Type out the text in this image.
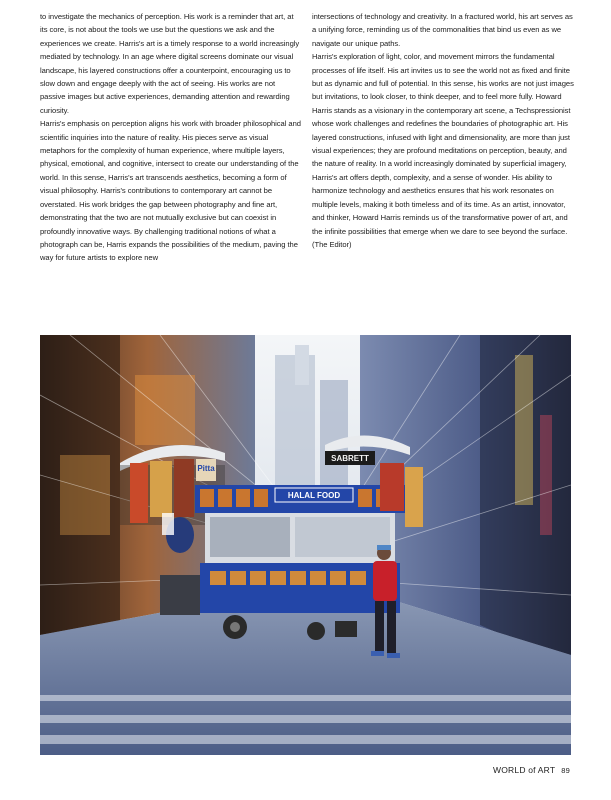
to investigate the mechanics of perception. His work is a reminder that art, at its core, is not about the tools we use but the questions we ask and the experiences we create. Harris's art is a timely response to a world increasingly mediated by technology. In an age where digital screens dominate our visual landscape, his layered constructions offer a counterpoint, encouraging us to slow down and engage deeply with the act of seeing. His works are not passive images but active experiences, demanding attention and rewarding curiosity.

Harris's emphasis on perception aligns his work with broader philosophical and scientific inquiries into the nature of reality. His pieces serve as visual metaphors for the complexity of human experience, where multiple layers, physical, emotional, and cognitive, intersect to create our understanding of the world. In this sense, Harris's art transcends aesthetics, becoming a form of visual philosophy. Harris's contributions to contemporary art cannot be overstated. His work bridges the gap between photography and fine art, demonstrating that the two are not mutually exclusive but can coexist in profoundly innovative ways. By challenging traditional notions of what a photograph can be, Harris expands the possibilities of the medium, paving the way for future artists to explore new

intersections of technology and creativity. In a fractured world, his art serves as a unifying force, reminding us of the commonalities that bind us even as we navigate our unique paths.

Harris's exploration of light, color, and movement mirrors the fundamental processes of life itself. His art invites us to see the world not as fixed and finite but as dynamic and full of potential. In this sense, his works are not just images but invitations, to look closer, to think deeper, and to feel more fully. Howard Harris stands as a visionary in the contemporary art scene, a Techspressionist whose work challenges and redefines the boundaries of photographic art. His layered constructions, infused with light and dimensionality, are more than just visual experiences; they are profound meditations on perception, beauty, and the nature of reality. In a world increasingly dominated by superficial imagery, Harris's art offers depth, complexity, and a sense of wonder. His ability to harmonize technology and aesthetics ensures that his work resonates on multiple levels, making it both timeless and of its time. As an artist, innovator, and thinker, Howard Harris reminds us of the transformative power of art, and the infinite possibilities that emerge when we dare to see beyond the surface. (The Editor)

Pitta
HALAL FOOD
SABRETT
WORLD of ART 89
